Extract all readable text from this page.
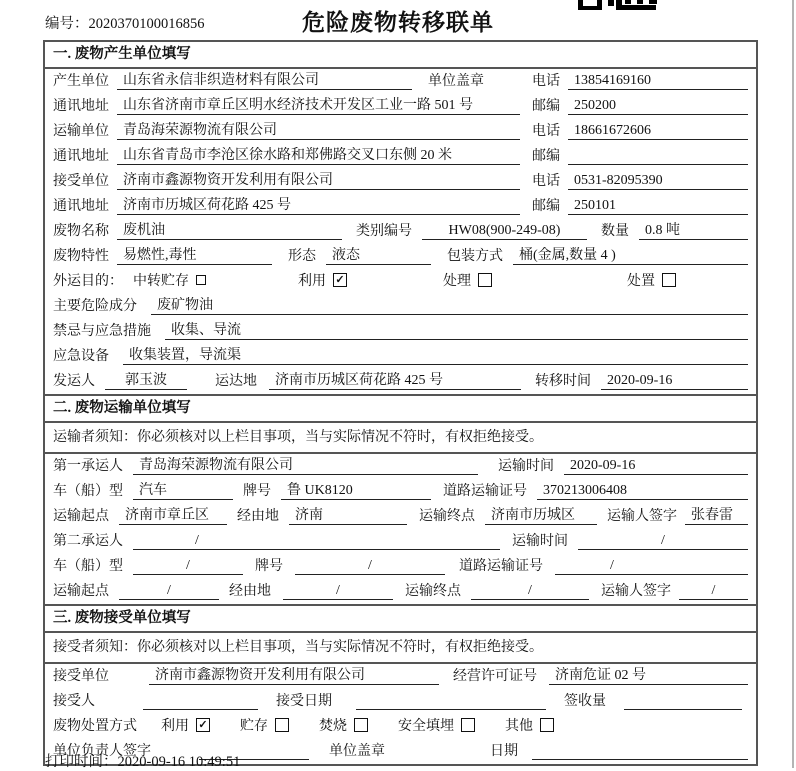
编号：2020370100016856	危险废物转移联单
一. 废物产生单位填写
产生单位	山东省永信非织造材料有限公司	单位盖章	电话	13854169160
通讯地址	山东省济南市章丘区明水经济技术开发区工业一路 501 号	邮编	250200
运输单位	青岛海荣源物流有限公司	电话	18661672606
通讯地址	山东省青岛市李沧区徐水路和郑佛路交叉口东侧 20 米	邮编
接受单位	济南市鑫源物资开发利用有限公司	电话	0531-82095390
通讯地址	济南市历城区荷花路 425 号	邮编	250101
废物名称	废机油	类别编号	HW08(900-249-08)	数量	0.8 吨
废物特性	易燃性,毒性	形态	液态	包装方式	桶(金属,数量 4 )
外运目的： 中转贮存	利用 ✓	处理	处置
主要危险成分	废矿物油
禁忌与应急措施	收集、导流
应急设备	收集装置，导流渠
发运人	郭玉波	运达地	济南市历城区荷花路 425 号	转移时间	2020-09-16
二. 废物运输单位填写
运输者须知：你必须核对以上栏目事项，当与实际情况不符时，有权拒绝接受。
第一承运人	青岛海荣源物流有限公司	运输时间	2020-09-16
车（船）型	汽车	牌号	鲁 UK8120	道路运输证号	370213006408
运输起点	济南市章丘区	经由地	济南	运输终点	济南市历城区	运输人签字	张春雷
第二承运人	/	运输时间	/
车（船）型	/	牌号	/	道路运输证号	/
运输起点	/	经由地	/	运输终点	/	运输人签字	/
三. 废物接受单位填写
接受者须知：你必须核对以上栏目事项，当与实际情况不符时，有权拒绝接受。
接受单位	济南市鑫源物资开发利用有限公司	经营许可证号	济南危证 02 号
接受人	接受日期	签收量
废物处置方式 利用 ✓ 贮存	焚烧	安全填埋	其他
单位负责人签字	单位盖章	日期
打印时间：2020-09-16 10:49:51
